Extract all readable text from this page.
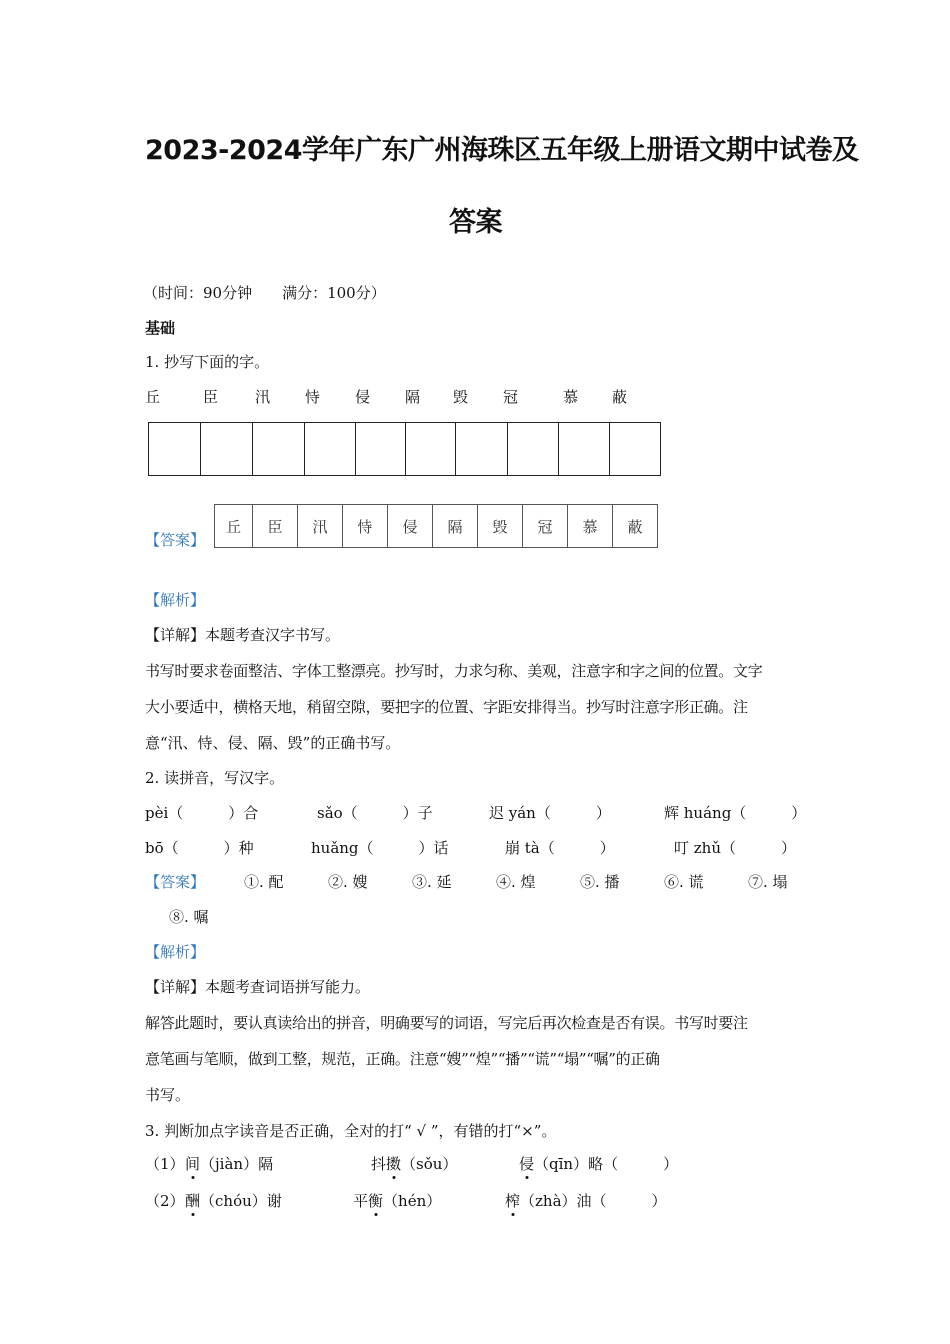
2023-2024学年广东广州海珠区五年级上册语文期中试卷及
答案
（时间：90分钟　　满分：100分）
基础
1. 抄写下面的字。
丘	臣 汛 恃 侵 隔 毁 冠	慕 蔽
【答案】
丘	臣	汛	恃	侵	隔	毁	冠	慕	蔽
【解析】
【详解】本题考查汉字书写。
书写时要求卷面整洁、字体工整漂亮。抄写时，力求匀称、美观，注意字和字之间的位置。文字
大小要适中，横格天地，稍留空隙，要把字的位置、字距安排得当。抄写时注意字形正确。注
意“汛、恃、侵、隔、毁”的正确书写。
2. 读拼音，写汉字。
pèi（　　　）合	sǎo（　　　）子	迟 yán（　　　）	辉 huáng（　　　）
bō（　　　）种	huǎng（　　　）话	崩 tà（　　　）	叮 zhǔ（　　　）
【答案】	①. 配	②. 嫂	③. 延	④. 煌	⑤. 播	⑥. 谎	⑦. 塌
⑧. 嘱
【解析】
【详解】本题考查词语拼写能力。
解答此题时，要认真读给出的拼音，明确要写的词语，写完后再次检查是否有误。书写时要注
意笔画与笔顺，做到工整，规范，正确。注意“嫂”“煌”“播”“谎”“塌”“嘱”的正确
书写。
3. 判断加点字读音是否正确，全对的打“ √ ”，有错的打“×”。
（1） 间（jiàn）隔	抖擞（sǒu）	侵（qīn）略（　　　）
（2） 酬（chóu）谢	平衡（hén）	榨（zhà）油（　　　）
